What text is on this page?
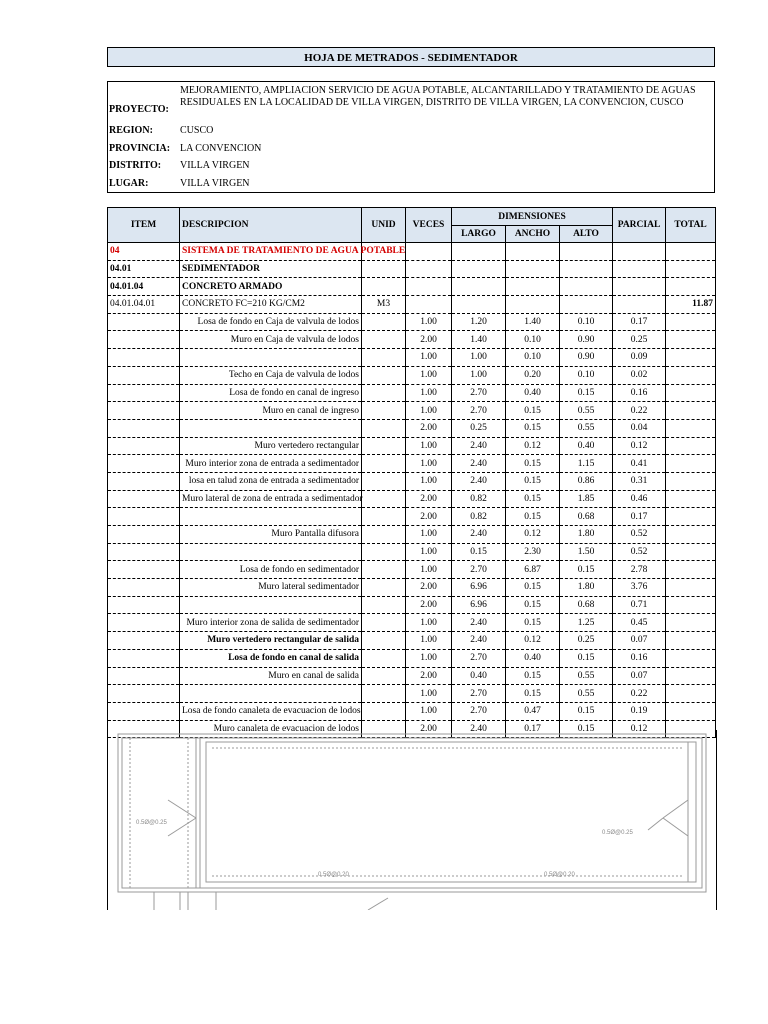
HOJA DE METRADOS - SEDIMENTADOR
PROYECTO:
MEJORAMIENTO, AMPLIACION SERVICIO DE AGUA POTABLE, ALCANTARILLADO Y TRATAMIENTO DE AGUAS RESIDUALES EN LA LOCALIDAD DE VILLA VIRGEN, DISTRITO DE VILLA VIRGEN, LA CONVENCION, CUSCO
REGION:	CUSCO
PROVINCIA: LA CONVENCION
DISTRITO:	VILLA VIRGEN
LUGAR:	VILLA VIRGEN
ITEM	DESCRIPCION	UNID	VECES	DIMENSIONES			PARCIAL	TOTAL
				LARGO	ANCHO	ALTO		
04	SISTEMA DE TRATAMIENTO DE AGUA POTABLE							
04.01	SEDIMENTADOR							
04.01.04	CONCRETO ARMADO							
04.01.04.01	CONCRETO FC=210 KG/CM2	M3						11.87
	Losa de fondo en Caja de valvula de lodos		1.00	1.20	1.40	0.10	0.17	
	Muro en Caja de valvula de lodos		2.00	1.40	0.10	0.90	0.25	
			1.00	1.00	0.10	0.90	0.09	
	Techo en Caja de valvula de lodos		1.00	1.00	0.20	0.10	0.02	
	Losa de fondo en canal de ingreso		1.00	2.70	0.40	0.15	0.16	
	Muro en canal de ingreso		1.00	2.70	0.15	0.55	0.22	
			2.00	0.25	0.15	0.55	0.04	
	Muro vertedero rectangular		1.00	2.40	0.12	0.40	0.12	
	Muro interior zona de entrada a sedimentador		1.00	2.40	0.15	1.15	0.41	
	losa en talud zona de entrada a sedimentador		1.00	2.40	0.15	0.86	0.31	
	Muro lateral de zona de entrada a sedimentador		2.00	0.82	0.15	1.85	0.46	
			2.00	0.82	0.15	0.68	0.17	
	Muro Pantalla difusora		1.00	2.40	0.12	1.80	0.52	
			1.00	0.15	2.30	1.50	0.52	
	Losa de fondo en sedimentador		1.00	2.70	6.87	0.15	2.78	
	Muro lateral sedimentador		2.00	6.96	0.15	1.80	3.76	
			2.00	6.96	0.15	0.68	0.71	
	Muro interior zona de salida de sedimentador		1.00	2.40	0.15	1.25	0.45	
	Muro vertedero rectangular de salida		1.00	2.40	0.12	0.25	0.07	
	Losa de fondo en canal de salida		1.00	2.70	0.40	0.15	0.16	
	Muro en canal de salida		2.00	0.40	0.15	0.55	0.07	
			1.00	2.70	0.15	0.55	0.22	
	Losa de fondo canaleta de evacuacion de lodos		1.00	2.70	0.47	0.15	0.19	
	Muro canaleta de evacuacion de lodos		2.00	2.40	0.17	0.15	0.12	
0.5Ø@0.25
0.5Ø@0.25
0.5Ø@0.20	0.5Ø@0.20
